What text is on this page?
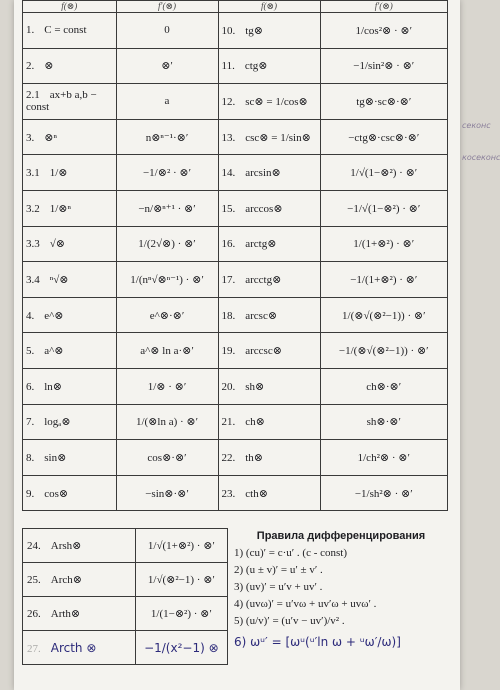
f(⊗)	f′(⊗)	f(⊗)	f′(⊗)
1. C = const	0	10. tg⊗	1/cos²⊗ · ⊗′
2. ⊗	⊗′	11. ctg⊗	−1/sin²⊗ · ⊗′
2.1 ax+b a,b − const	a	12. sc⊗ = 1/cos⊗	tg⊗·sc⊗·⊗′
3. ⊗ⁿ	n⊗ⁿ⁻¹·⊗′	13. csc⊗ = 1/sin⊗	−ctg⊗·csc⊗·⊗′
3.1 1/⊗	−1/⊗² · ⊗′	14. arcsin⊗	1/√(1−⊗²) · ⊗′
3.2 1/⊗ⁿ	−n/⊗ⁿ⁺¹ · ⊗′	15. arccos⊗	−1/√(1−⊗²) · ⊗′
3.3 √⊗	1/(2√⊗) · ⊗′	16. arctg⊗	1/(1+⊗²) · ⊗′
3.4 ⁿ√⊗	1/(nⁿ√⊗ⁿ⁻¹) · ⊗′	17. arcctg⊗	−1/(1+⊗²) · ⊗′
4. e^⊗	e^⊗·⊗′	18. arcsc⊗	1/(⊗√(⊗²−1)) · ⊗′
5. a^⊗	a^⊗ ln a·⊗′	19. arccsc⊗	−1/(⊗√(⊗²−1)) · ⊗′
6. ln⊗	1/⊗ · ⊗′	20. sh⊗	ch⊗·⊗′
7. logₐ⊗	1/(⊗ln a) · ⊗′	21. ch⊗	sh⊗·⊗′
8. sin⊗	cos⊗·⊗′	22. th⊗	1/ch²⊗ · ⊗′
9. cos⊗	−sin⊗·⊗′	23. cth⊗	−1/sh²⊗ · ⊗′
секонс
косеконс
24. Arsh⊗	1/√(1+⊗²) · ⊗′
25. Arch⊗	1/√(⊗²−1) · ⊗′
26. Arth⊗	1/(1−⊗²) · ⊗′
27. Arcth ⊗	−1/(x²−1) ⊗
Правила дифференцирования
1) (cu)′ = c·u′ . (c - const)
2) (u ± v)′ = u′ ± v′ .
3) (uv)′ = u′v + uv′ .
4) (uvω)′ = u′vω + uv′ω + uvω′ .
5) (u/v)′ = (u′v − uv′)/v² .
6) ωᵘ′ = [ωᵘ(ᵘ′ln ω + ᵘω′/ω)]
